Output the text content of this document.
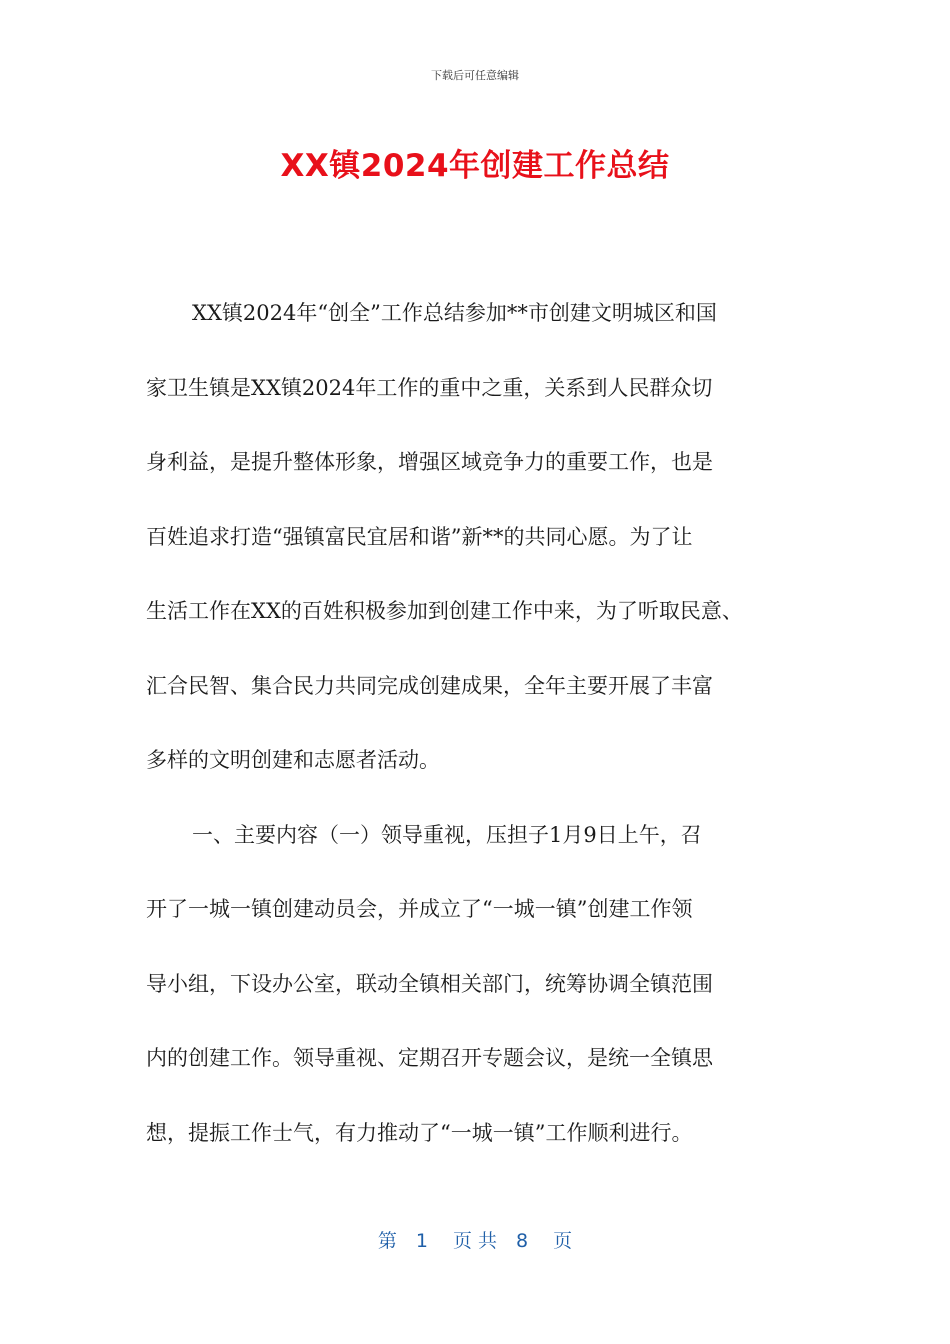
下载后可任意编辑
XX镇2024年创建工作总结
XX镇2024年“创全”工作总结参加**市创建文明城区和国
家卫生镇是XX镇2024年工作的重中之重，关系到人民群众切
身利益，是提升整体形象，增强区域竞争力的重要工作，也是
百姓追求打造“强镇富民宜居和谐”新**的共同心愿。为了让
生活工作在XX的百姓积极参加到创建工作中来，为了听取民意、
汇合民智、集合民力共同完成创建成果，全年主要开展了丰富
多样的文明创建和志愿者活动。
一、主要内容（一）领导重视，压担子1月9日上午，召
开了一城一镇创建动员会，并成立了“一城一镇”创建工作领
导小组，下设办公室，联动全镇相关部门，统筹协调全镇范围
内的创建工作。领导重视、定期召开专题会议，是统一全镇思
想，提振工作士气，有力推动了“一城一镇”工作顺利进行。
第　1　 页 共　8　 页
